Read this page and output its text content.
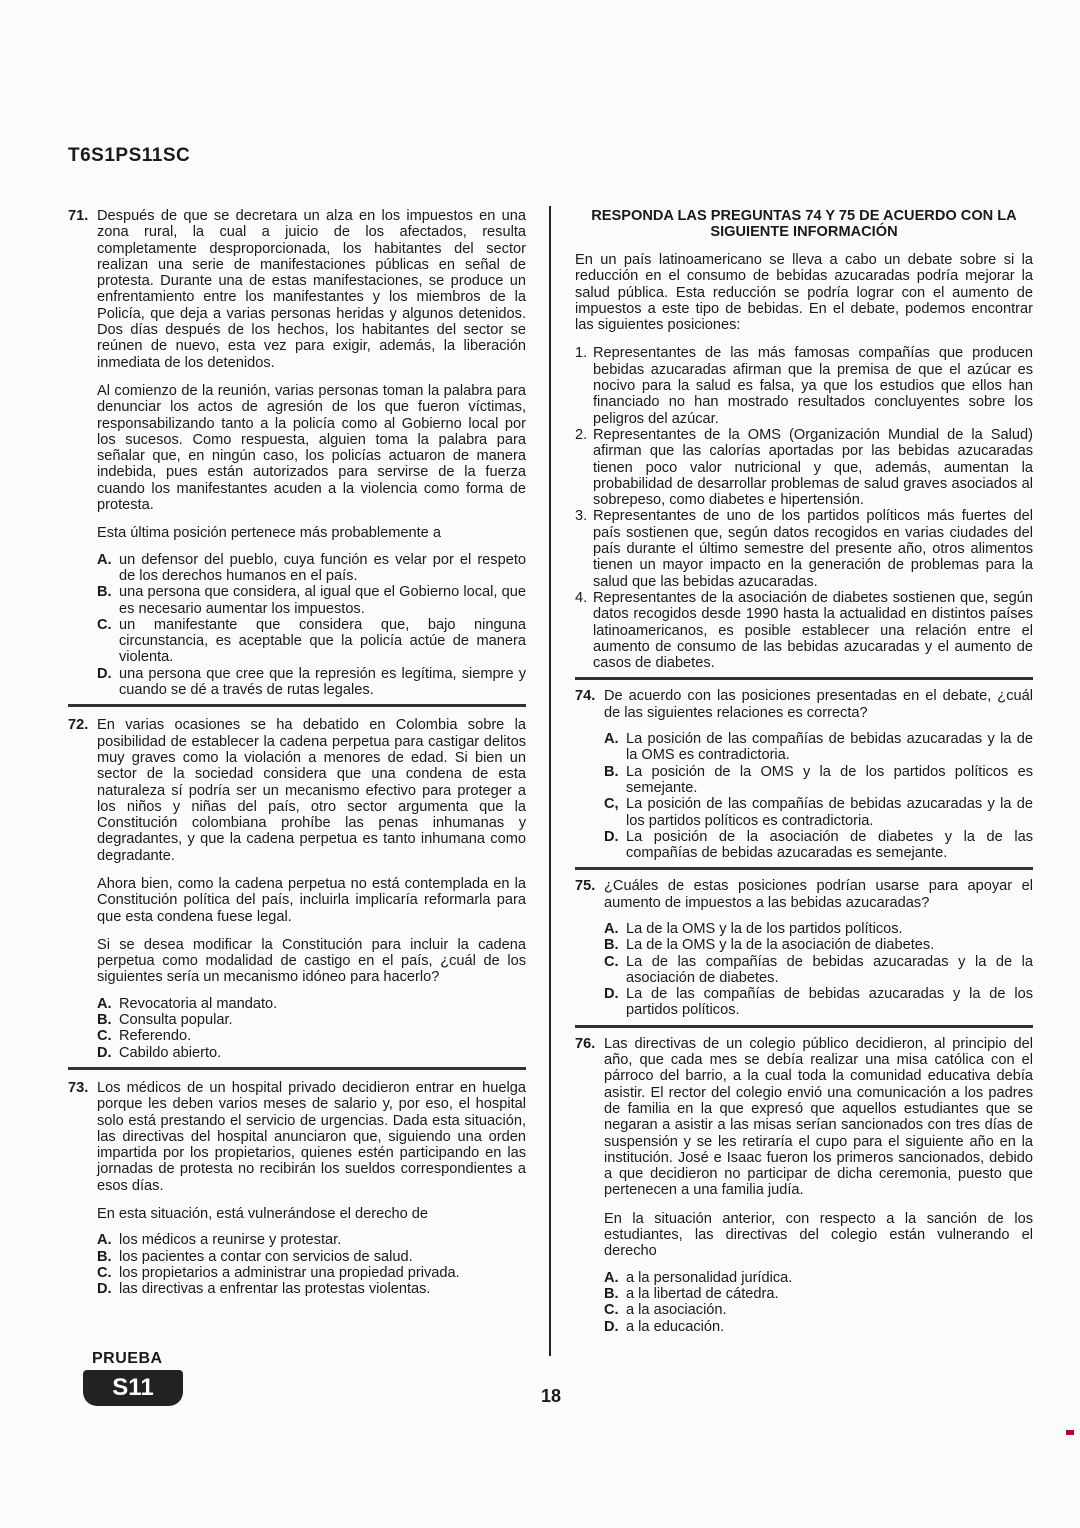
T6S1PS11SC
71. Después de que se decretara un alza en los impuestos en una zona rural, la cual a juicio de los afectados, resulta completamente desproporcionada, los habitantes del sector realizan una serie de manifestaciones públicas en señal de protesta. Durante una de estas manifestaciones, se produce un enfrentamiento entre los manifestantes y los miembros de la Policía, que deja a varias personas heridas y algunos detenidos. Dos días después de los hechos, los habitantes del sector se reúnen de nuevo, esta vez para exigir, además, la liberación inmediata de los detenidos.

Al comienzo de la reunión, varias personas toman la palabra para denunciar los actos de agresión de los que fueron víctimas, responsabilizando tanto a la policía como al Gobierno local por los sucesos. Como respuesta, alguien toma la palabra para señalar que, en ningún caso, los policías actuaron de manera indebida, pues están autorizados para servirse de la fuerza cuando los manifestantes acuden a la violencia como forma de protesta.

Esta última posición pertenece más probablemente a

A. un defensor del pueblo, cuya función es velar por el respeto de los derechos humanos en el país.
B. una persona que considera, al igual que el Gobierno local, que es necesario aumentar los impuestos.
C. un manifestante que considera que, bajo ninguna circunstancia, es aceptable que la policía actúe de manera violenta.
D. una persona que cree que la represión es legítima, siempre y cuando se dé a través de rutas legales.
72. En varias ocasiones se ha debatido en Colombia sobre la posibilidad de establecer la cadena perpetua para castigar delitos muy graves como la violación a menores de edad. Si bien un sector de la sociedad considera que una condena de esta naturaleza sí podría ser un mecanismo efectivo para proteger a los niños y niñas del país, otro sector argumenta que la Constitución colombiana prohíbe las penas inhumanas y degradantes, y que la cadena perpetua es tanto inhumana como degradante.

Ahora bien, como la cadena perpetua no está contemplada en la Constitución política del país, incluirla implicaría reformarla para que esta condena fuese legal.

Si se desea modificar la Constitución para incluir la cadena perpetua como modalidad de castigo en el país, ¿cuál de los siguientes sería un mecanismo idóneo para hacerlo?

A. Revocatoria al mandato.
B. Consulta popular.
C. Referendo.
D. Cabildo abierto.
73. Los médicos de un hospital privado decidieron entrar en huelga porque les deben varios meses de salario y, por eso, el hospital solo está prestando el servicio de urgencias. Dada esta situación, las directivas del hospital anunciaron que, siguiendo una orden impartida por los propietarios, quienes estén participando en las jornadas de protesta no recibirán los sueldos correspondientes a esos días.

En esta situación, está vulnerándose el derecho de

A. los médicos a reunirse y protestar.
B. los pacientes a contar con servicios de salud.
C. los propietarios a administrar una propiedad privada.
D. las directivas a enfrentar las protestas violentas.
RESPONDA LAS PREGUNTAS 74 Y 75 DE ACUERDO CON LA SIGUIENTE INFORMACIÓN

En un país latinoamericano se lleva a cabo un debate sobre si la reducción en el consumo de bebidas azucaradas podría mejorar la salud pública. Esta reducción se podría lograr con el aumento de impuestos a este tipo de bebidas. En el debate, podemos encontrar las siguientes posiciones:

1. Representantes de las más famosas compañías que producen bebidas azucaradas afirman que la premisa de que el azúcar es nocivo para la salud es falsa, ya que los estudios que ellos han financiado no han mostrado resultados concluyentes sobre los peligros del azúcar.
2. Representantes de la OMS (Organización Mundial de la Salud) afirman que las calorías aportadas por las bebidas azucaradas tienen poco valor nutricional y que, además, aumentan la probabilidad de desarrollar problemas de salud graves asociados al sobrepeso, como diabetes e hipertensión.
3. Representantes de uno de los partidos políticos más fuertes del país sostienen que, según datos recogidos en varias ciudades del país durante el último semestre del presente año, otros alimentos tienen un mayor impacto en la generación de problemas para la salud que las bebidas azucaradas.
4. Representantes de la asociación de diabetes sostienen que, según datos recogidos desde 1990 hasta la actualidad en distintos países latinoamericanos, es posible establecer una relación entre el aumento de consumo de las bebidas azucaradas y el aumento de casos de diabetes.
74. De acuerdo con las posiciones presentadas en el debate, ¿cuál de las siguientes relaciones es correcta?

A. La posición de las compañías de bebidas azucaradas y la de la OMS es contradictoria.
B. La posición de la OMS y la de los partidos políticos es semejante.
C, La posición de las compañías de bebidas azucaradas y la de los partidos políticos es contradictoria.
D. La posición de la asociación de diabetes y la de las compañías de bebidas azucaradas es semejante.
75. ¿Cuáles de estas posiciones podrían usarse para apoyar el aumento de impuestos a las bebidas azucaradas?

A. La de la OMS y la de los partidos políticos.
B. La de la OMS y la de la asociación de diabetes.
C. La de las compañías de bebidas azucaradas y la de la asociación de diabetes.
D. La de las compañías de bebidas azucaradas y la de los partidos políticos.
76. Las directivas de un colegio público decidieron, al principio del año, que cada mes se debía realizar una misa católica con el párroco del barrio, a la cual toda la comunidad educativa debía asistir. El rector del colegio envió una comunicación a los padres de familia en la que expresó que aquellos estudiantes que se negaran a asistir a las misas serían sancionados con tres días de suspensión y se les retiraría el cupo para el siguiente año en la institución. José e Isaac fueron los primeros sancionados, debido a que decidieron no participar de dicha ceremonia, puesto que pertenecen a una familia judía.

En la situación anterior, con respecto a la sanción de los estudiantes, las directivas del colegio están vulnerando el derecho

A. a la personalidad jurídica.
B. a la libertad de cátedra.
C. a la asociación.
D. a la educación.
PRUEBA
S11	18
